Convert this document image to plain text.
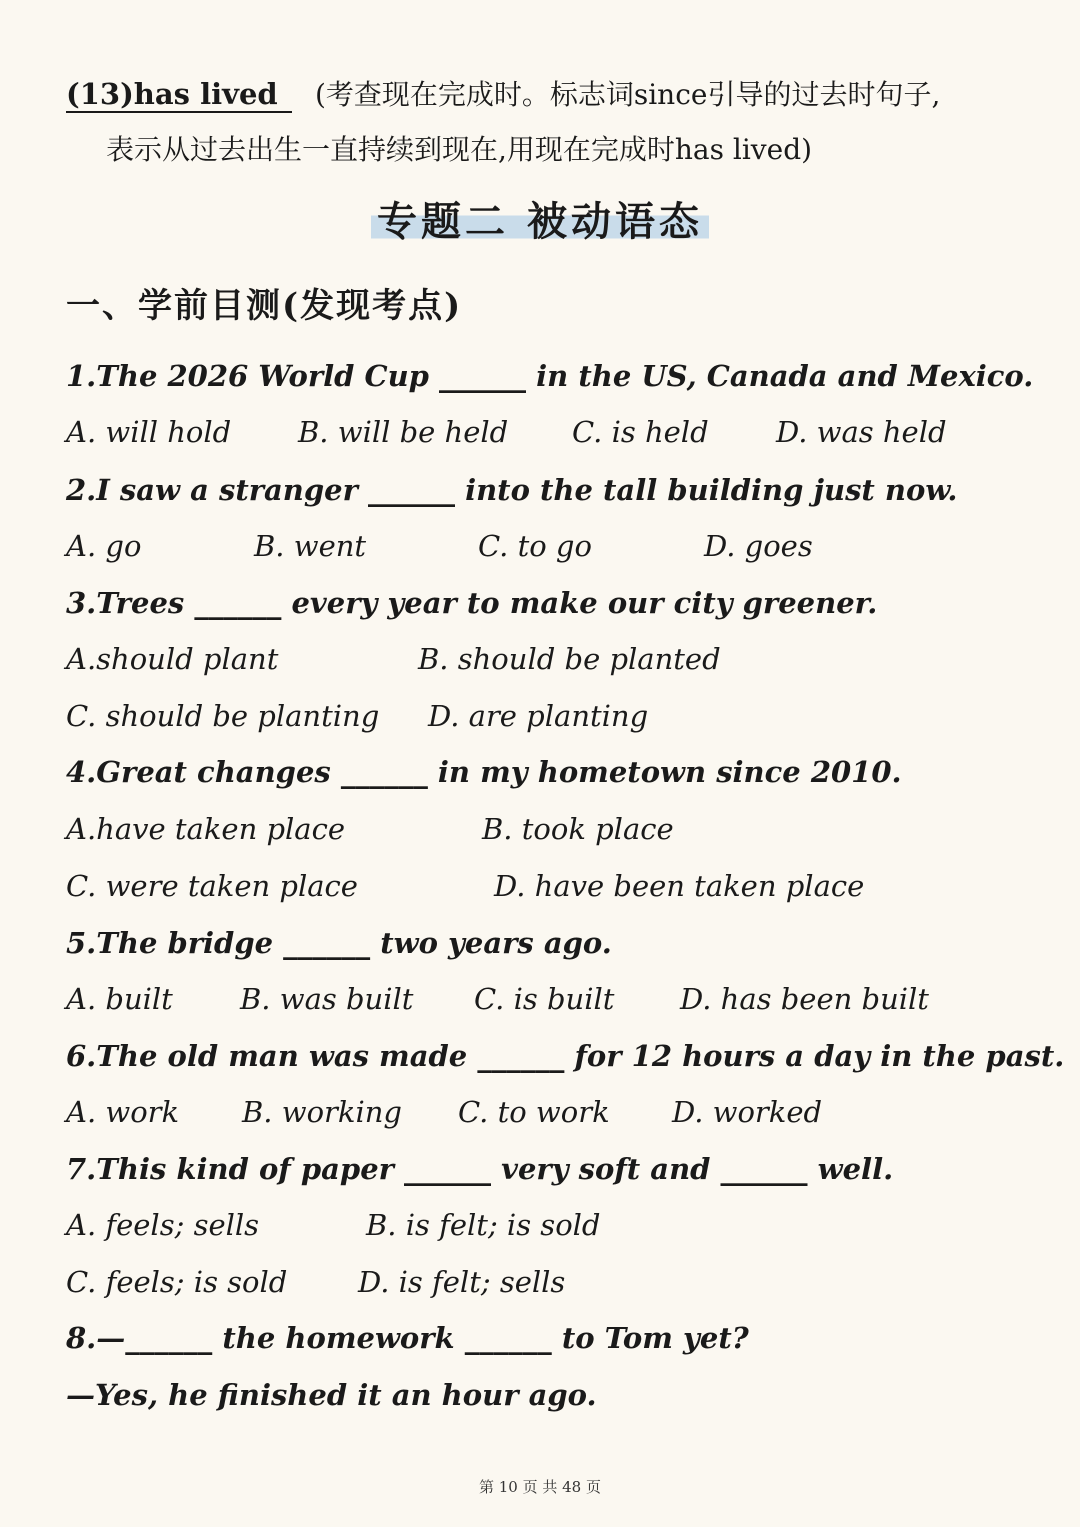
(13)has lived (考查现在完成时。标志词since引导的过去时句子,
表示从过去出生一直持续到现在,用现在完成时has lived)
专题二 被动语态
一、学前目测(发现考点)
1.The 2026 World Cup ______ in the US, Canada and Mexico.
A. will hold B. will be held C. is held D. was held
2.I saw a stranger ______ into the tall building just now.
A. go	B. went	C. to go	D. goes
3.Trees ______ every year to make our city greener.
A.should plant	B. should be planted
C. should be planting D. are planting
4.Great changes ______ in my hometown since 2010.
A.have taken place	B. took place
C. were taken place	D. have been taken place
5.The bridge ______ two years ago.
A. built B. was built C. is built D. has been built
6.The old man was made ______ for 12 hours a day in the past.
A. work B. working C. to work D. worked
7.This kind of paper ______ very soft and ______ well.
A. feels; sells	B. is felt; is sold
C. feels; is sold D. is felt; sells
8.—______ the homework ______ to Tom yet?
—Yes, he finished it an hour ago.
第 10 页 共 48 页
